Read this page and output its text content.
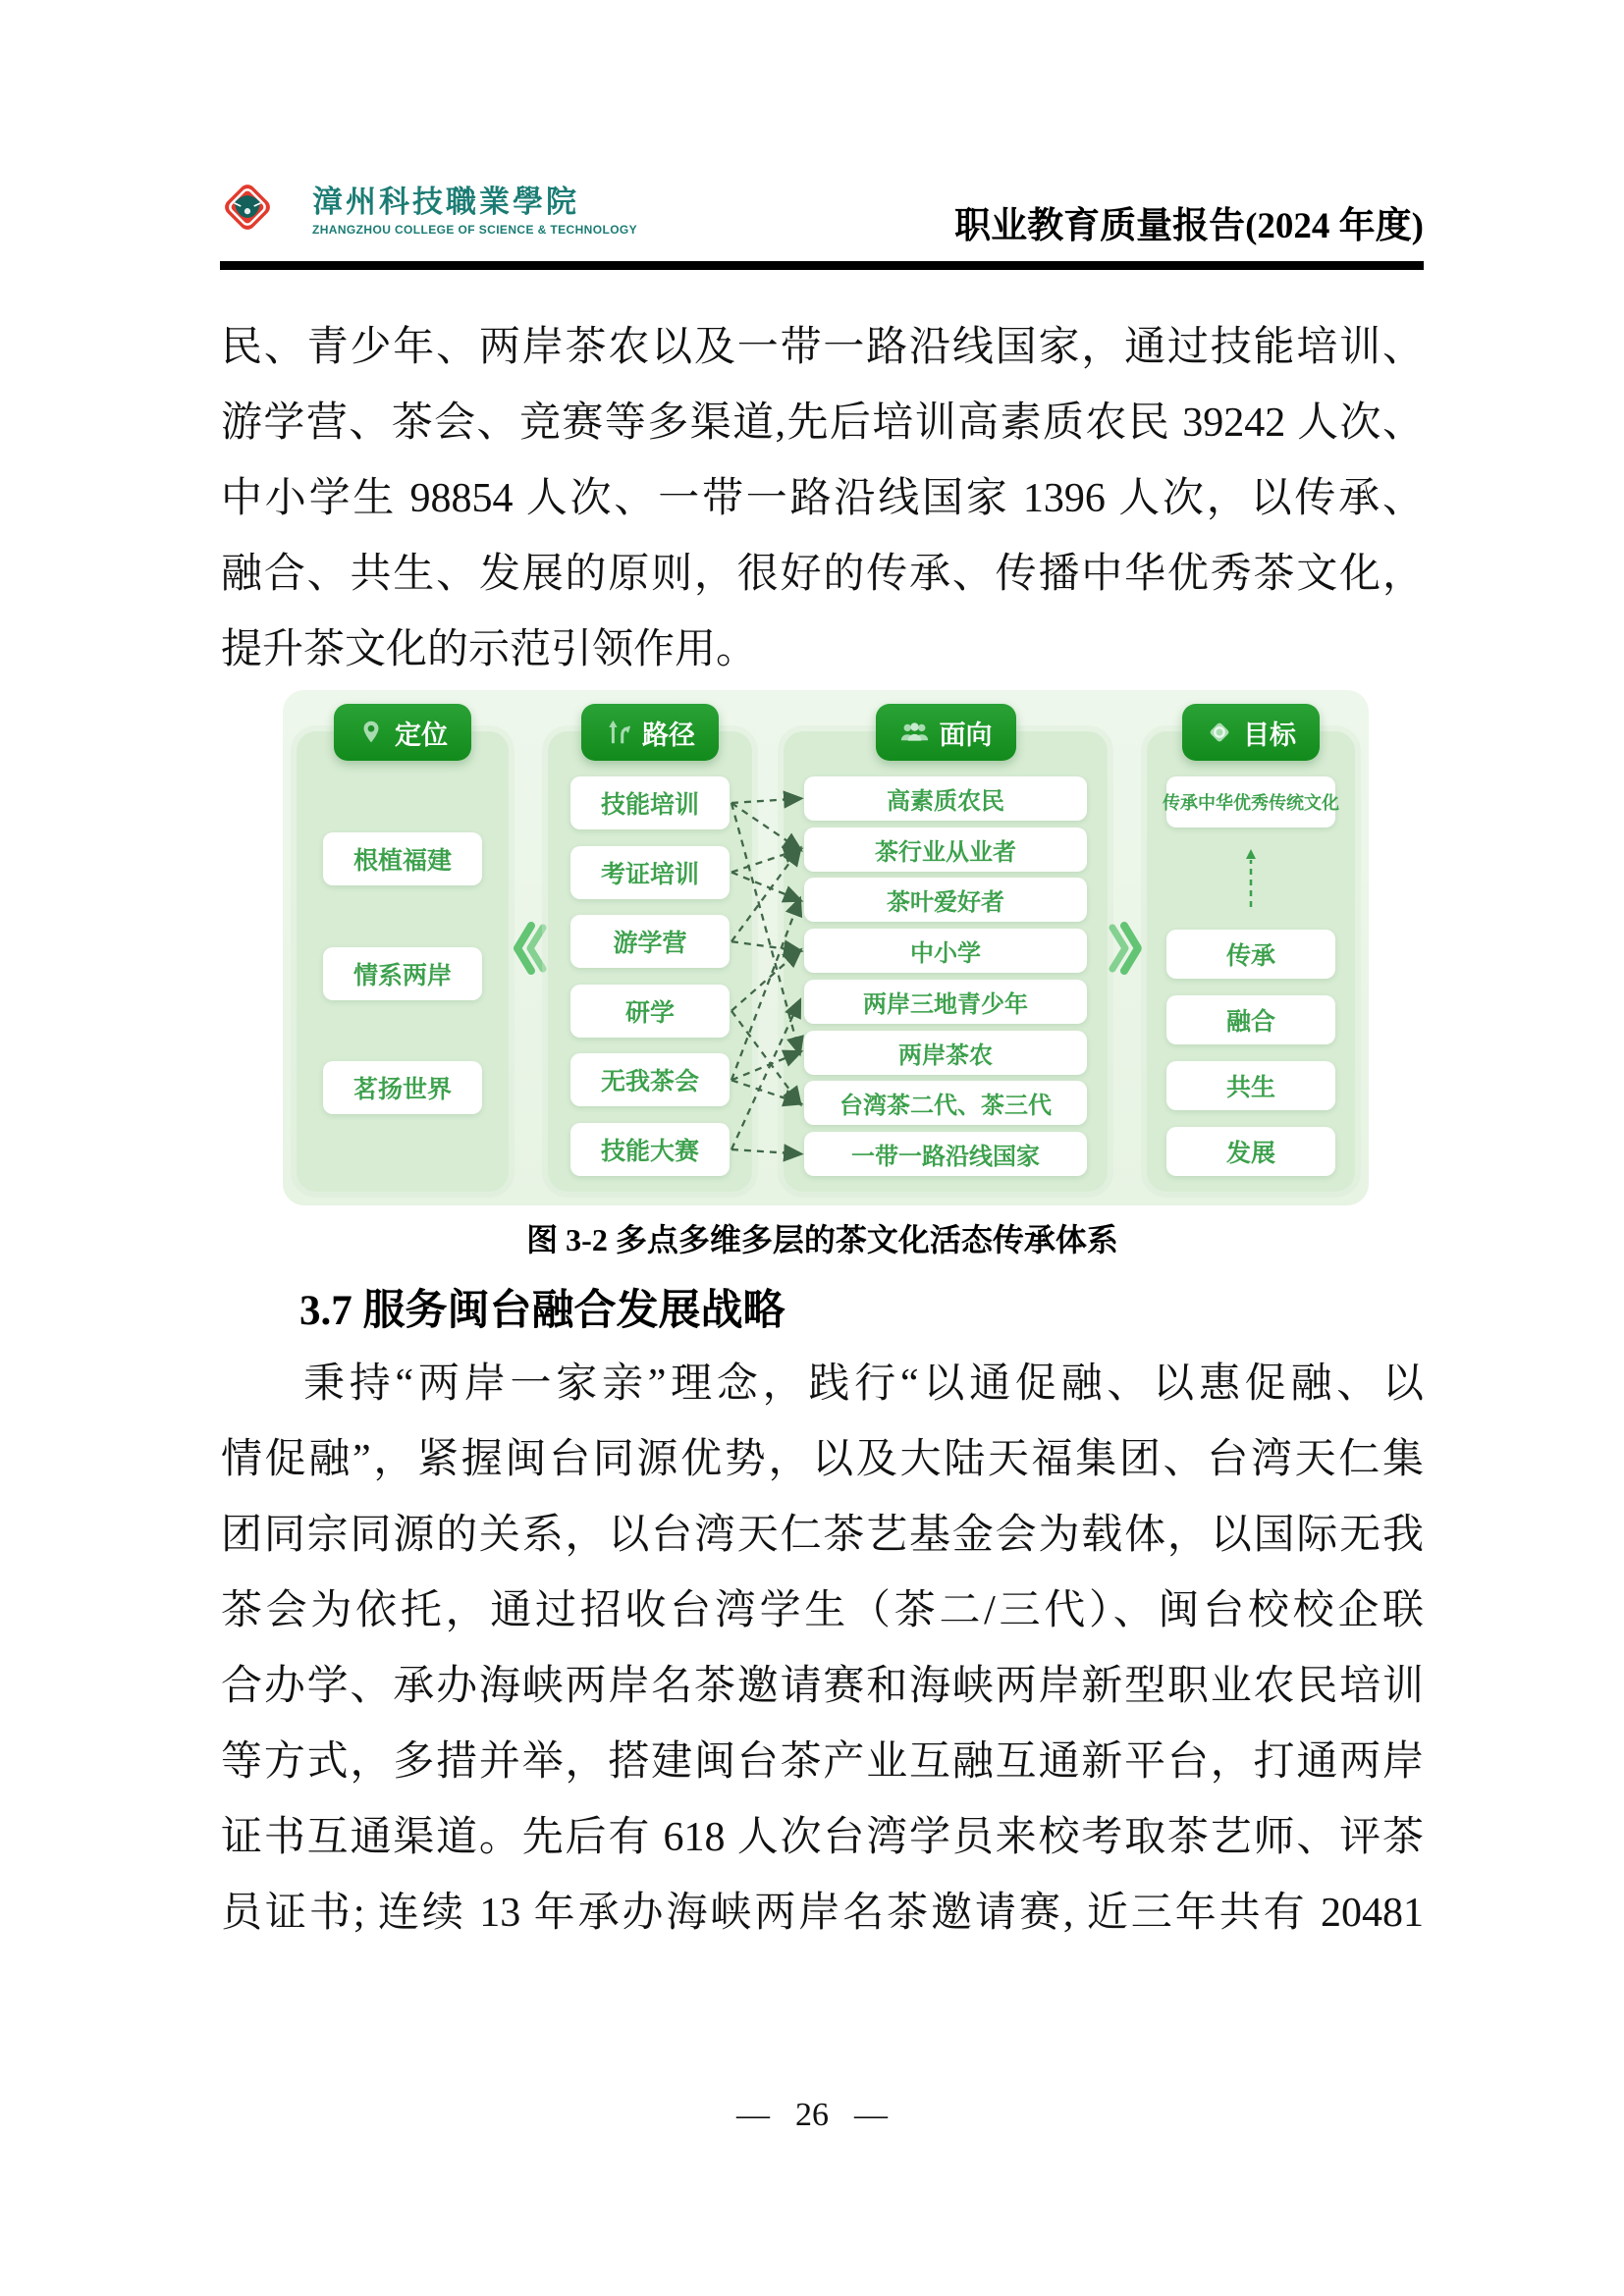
漳州科技職業學院
ZHANGZHOU COLLEGE OF SCIENCE & TECHNOLOGY	职业教育质量报告(2024 年度)
民、青少年、两岸茶农以及一带一路沿线国家，通过技能培训、
游学营、茶会、竞赛等多渠道,先后培训高素质农民 39242 人次、
中小学生 98854 人次、一带一路沿线国家 1396 人次，以传承、
融合、共生、发展的原则，很好的传承、传播中华优秀茶文化，
提升茶文化的示范引领作用。
定位
根植福建
情系两岸
茗扬世界
路径
技能培训
考证培训
游学营
研学
无我茶会
技能大赛
面向
高素质农民
茶行业从业者
茶叶爱好者
中小学
两岸三地青少年
两岸茶农
台湾茶二代、茶三代
一带一路沿线国家
目标
传承中华优秀传统文化
传承
融合
共生
发展
图 3-2 多点多维多层的茶文化活态传承体系
3.7 服务闽台融合发展战略
秉持“两岸一家亲”理念，践行“以通促融、以惠促融、以
情促融”，紧握闽台同源优势，以及大陆天福集团、台湾天仁集
团同宗同源的关系，以台湾天仁茶艺基金会为载体，以国际无我
茶会为依托，通过招收台湾学生（茶二/三代）、闽台校校企联
合办学、承办海峡两岸名茶邀请赛和海峡两岸新型职业农民培训
等方式，多措并举，搭建闽台茶产业互融互通新平台，打通两岸
证书互通渠道。先后有 618 人次台湾学员来校考取茶艺师、评茶
员证书; 连续 13 年承办海峡两岸名茶邀请赛, 近三年共有 20481
— 26 —
